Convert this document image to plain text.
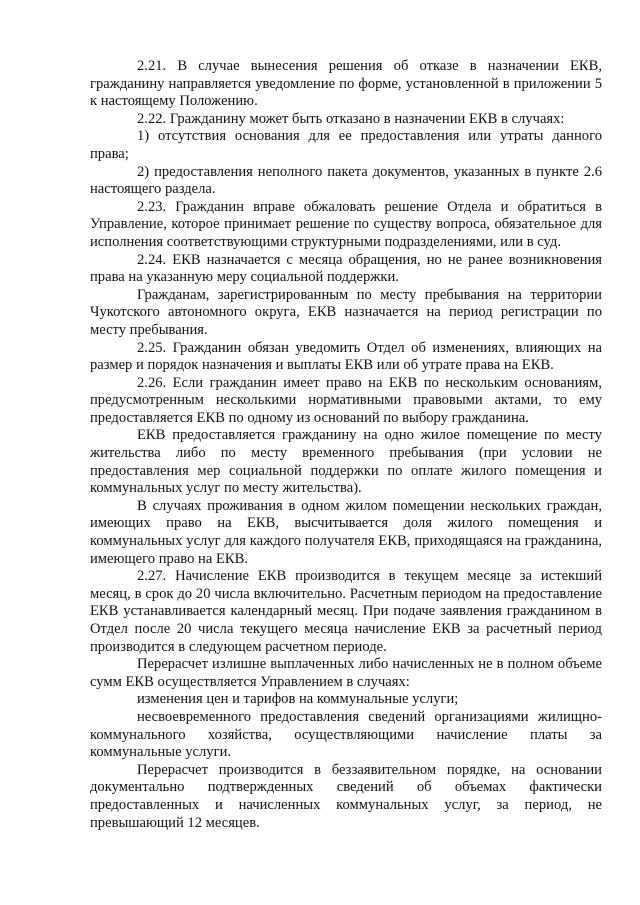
2.21. В случае вынесения решения об отказе в назначении ЕКВ, гражданину направляется уведомление по форме, установленной в приложении 5 к настоящему Положению.

2.22. Гражданину может быть отказано в назначении ЕКВ в случаях:

1) отсутствия основания для ее предоставления или утраты данного права;

2) предоставления неполного пакета документов, указанных в пункте 2.6 настоящего раздела.

2.23. Гражданин вправе обжаловать решение Отдела и обратиться в Управление, которое принимает решение по существу вопроса, обязательное для исполнения соответствующими структурными подразделениями, или в суд.

2.24. ЕКВ назначается с месяца обращения, но не ранее возникновения права на указанную меру социальной поддержки.

Гражданам, зарегистрированным по месту пребывания на территории Чукотского автономного округа, ЕКВ назначается на период регистрации по месту пребывания.

2.25. Гражданин обязан уведомить Отдел об изменениях, влияющих на размер и порядок назначения и выплаты ЕКВ или об утрате права на ЕКВ.

2.26. Если гражданин имеет право на ЕКВ по нескольким основаниям, предусмотренным несколькими нормативными правовыми актами, то ему предоставляется ЕКВ по одному из оснований по выбору гражданина.

ЕКВ предоставляется гражданину на одно жилое помещение по месту жительства либо по месту временного пребывания (при условии не предоставления мер социальной поддержки по оплате жилого помещения и коммунальных услуг по месту жительства).

В случаях проживания в одном жилом помещении нескольких граждан, имеющих право на ЕКВ, высчитывается доля жилого помещения и коммунальных услуг для каждого получателя ЕКВ, приходящаяся на гражданина, имеющего право на ЕКВ.

2.27. Начисление ЕКВ производится в текущем месяце за истекший месяц, в срок до 20 числа включительно. Расчетным периодом на предоставление ЕКВ устанавливается календарный месяц. При подаче заявления гражданином в Отдел после 20 числа текущего месяца начисление ЕКВ за расчетный период производится в следующем расчетном периоде.

Перерасчет излишне выплаченных либо начисленных не в полном объеме сумм ЕКВ осуществляется Управлением в случаях:

изменения цен и тарифов на коммунальные услуги;

несвоевременного предоставления сведений организациями жилищно-коммунального хозяйства, осуществляющими начисление платы за коммунальные услуги.

Перерасчет производится в беззаявительном порядке, на основании документально подтвержденных сведений об объемах фактически предоставленных и начисленных коммунальных услуг, за период, не превышающий 12 месяцев.
